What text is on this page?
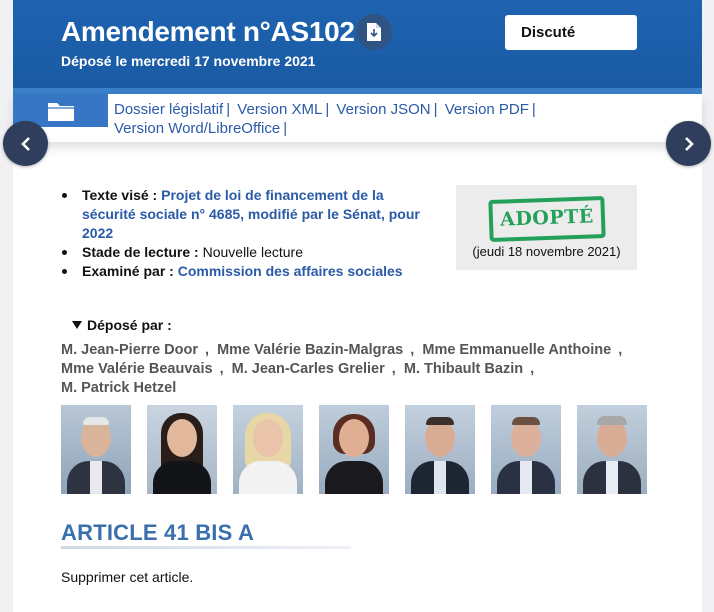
Amendement n°AS102
Déposé le mercredi 17 novembre 2021
Discuté
Dossier législatif | Version XML | Version JSON | Version PDF |
Version Word/LibreOffice |
Texte visé : Projet de loi de financement de la sécurité sociale n° 4685, modifié par le Sénat, pour 2022
Stade de lecture : Nouvelle lecture
Examiné par : Commission des affaires sociales
ADOPTÉ
(jeudi 18 novembre 2021)
Déposé par :
M. Jean-Pierre Door , Mme Valérie Bazin-Malgras , Mme Emmanuelle Anthoine ,
Mme Valérie Beauvais , M. Jean-Carles Grelier , M. Thibault Bazin ,
M. Patrick Hetzel
ARTICLE 41 BIS A
Supprimer cet article.
